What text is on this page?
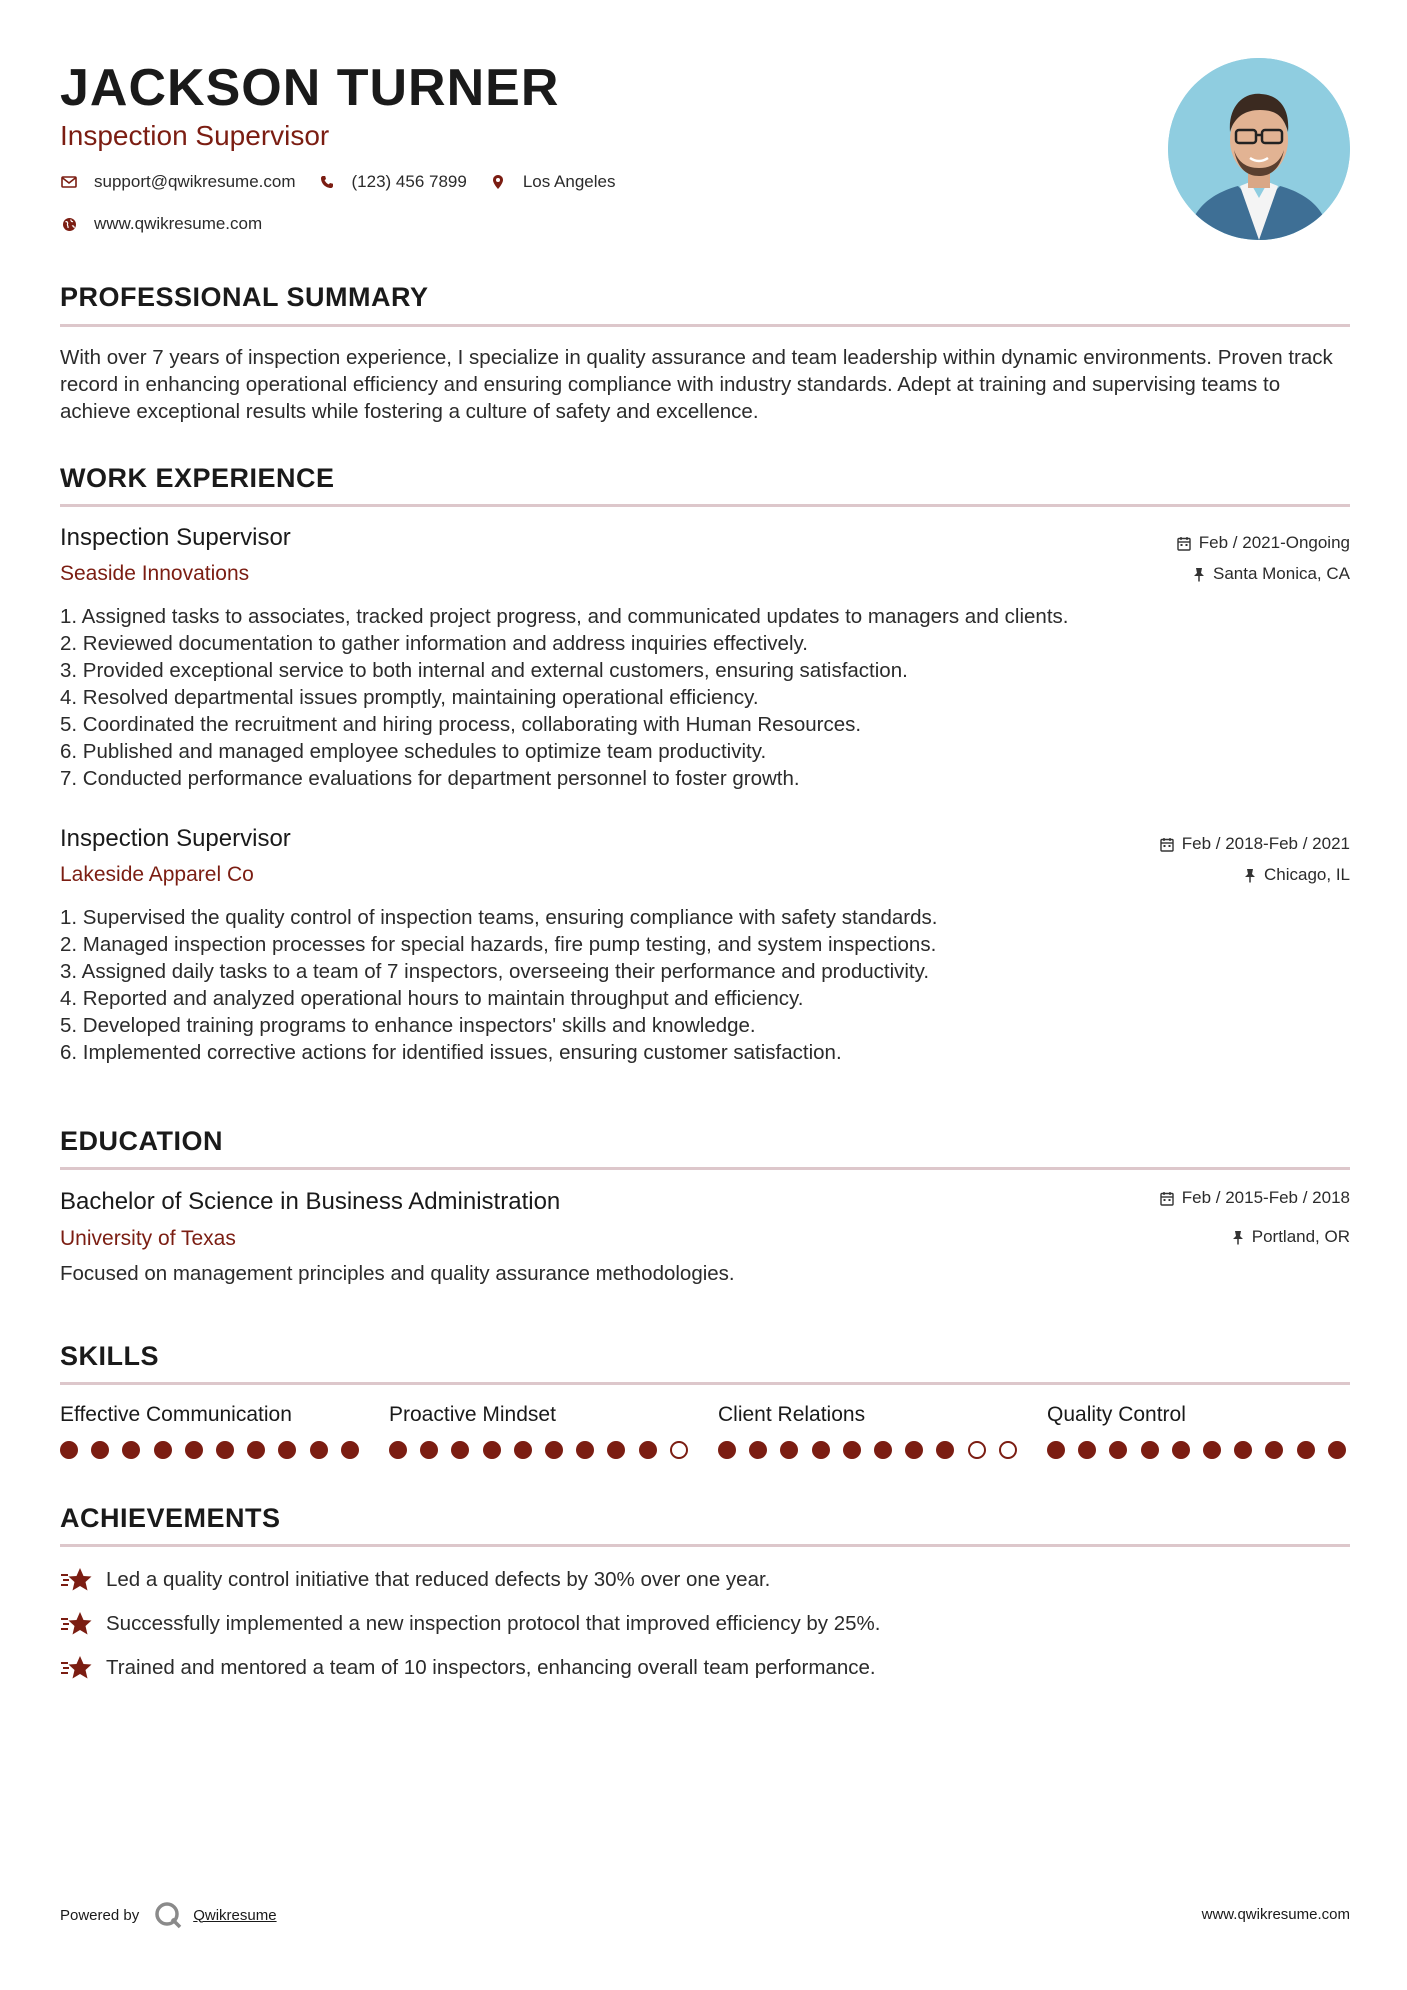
JACKSON TURNER
Inspection Supervisor
support@qwikresume.com	(123) 456 7899	Los Angeles
www.qwikresume.com
PROFESSIONAL SUMMARY
With over 7 years of inspection experience, I specialize in quality assurance and team leadership within dynamic environments. Proven track record in enhancing operational efficiency and ensuring compliance with industry standards. Adept at training and supervising teams to achieve exceptional results while fostering a culture of safety and excellence.
WORK EXPERIENCE
Inspection Supervisor
Seaside Innovations
Feb / 2021-Ongoing
Santa Monica, CA
1. Assigned tasks to associates, tracked project progress, and communicated updates to managers and clients.
2. Reviewed documentation to gather information and address inquiries effectively.
3. Provided exceptional service to both internal and external customers, ensuring satisfaction.
4. Resolved departmental issues promptly, maintaining operational efficiency.
5. Coordinated the recruitment and hiring process, collaborating with Human Resources.
6. Published and managed employee schedules to optimize team productivity.
7. Conducted performance evaluations for department personnel to foster growth.
Inspection Supervisor
Lakeside Apparel Co
Feb / 2018-Feb / 2021
Chicago, IL
1. Supervised the quality control of inspection teams, ensuring compliance with safety standards.
2. Managed inspection processes for special hazards, fire pump testing, and system inspections.
3. Assigned daily tasks to a team of 7 inspectors, overseeing their performance and productivity.
4. Reported and analyzed operational hours to maintain throughput and efficiency.
5. Developed training programs to enhance inspectors' skills and knowledge.
6. Implemented corrective actions for identified issues, ensuring customer satisfaction.
EDUCATION
Bachelor of Science in Business Administration
University of Texas
Feb / 2015-Feb / 2018
Portland, OR
Focused on management principles and quality assurance methodologies.
SKILLS
Effective Communication	Proactive Mindset	Client Relations	Quality Control
ACHIEVEMENTS
Led a quality control initiative that reduced defects by 30% over one year.
Successfully implemented a new inspection protocol that improved efficiency by 25%.
Trained and mentored a team of 10 inspectors, enhancing overall team performance.
Powered by	Qwikresume	www.qwikresume.com
